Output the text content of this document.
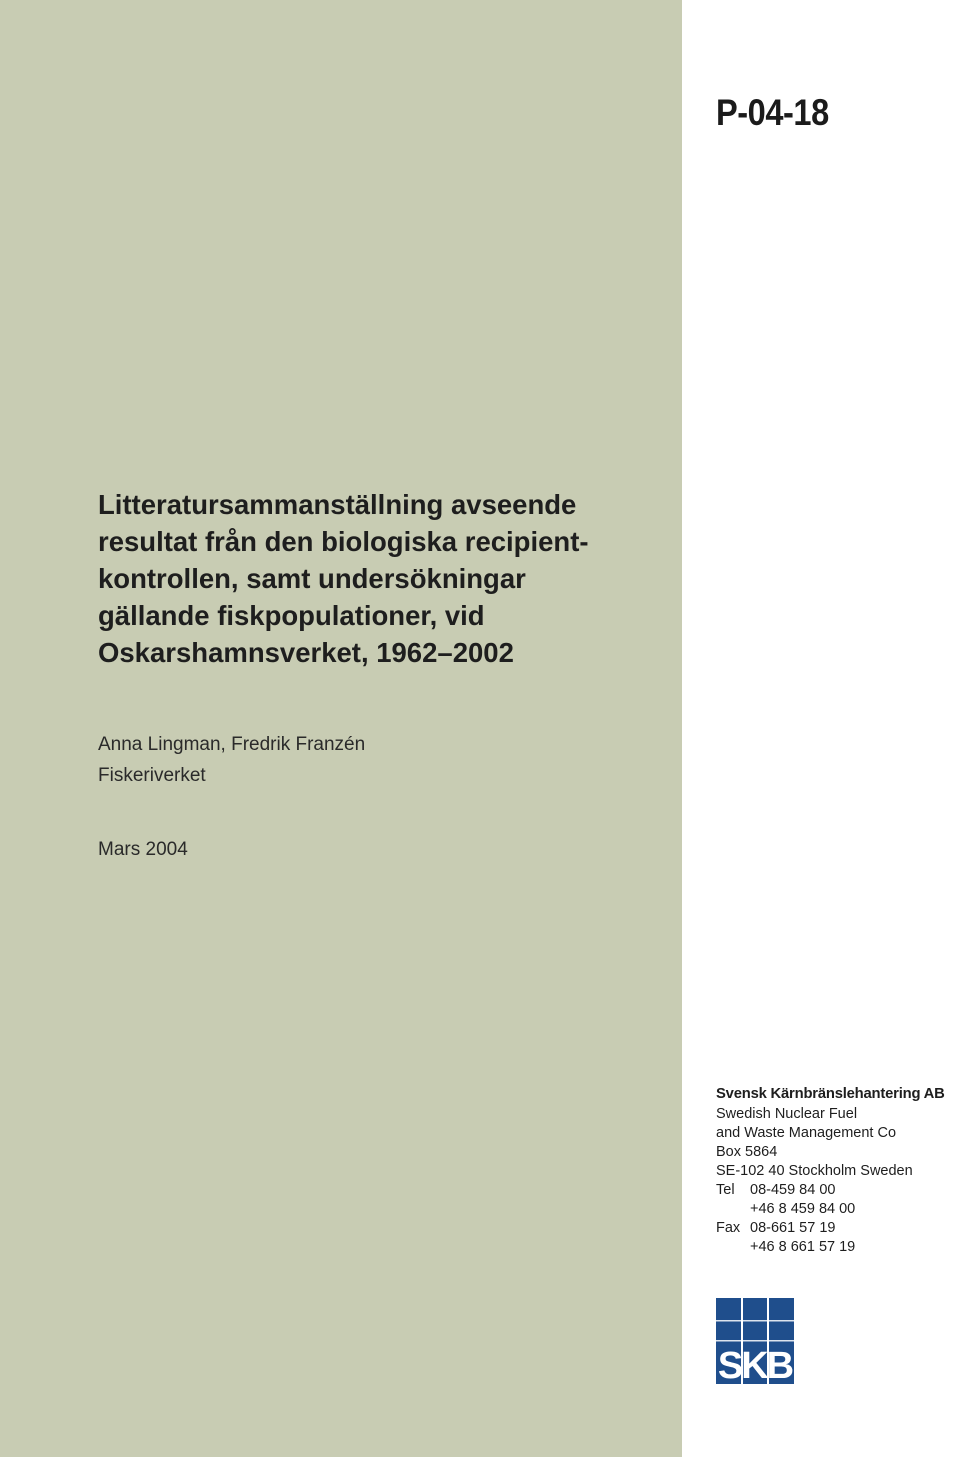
P-04-18
Litteratursammanställning avseende
resultat från den biologiska recipient-
kontrollen, samt undersökningar
gällande fiskpopulationer, vid
Oskarshamnsverket, 1962–2002
Anna Lingman, Fredrik Franzén
Fiskeriverket
Mars 2004
Svensk Kärnbränslehantering AB
Swedish Nuclear Fuel
and Waste Management Co
Box 5864
SE-102 40 Stockholm Sweden
Tel	08-459 84 00
+46 8 459 84 00
Fax 08-661 57 19
+46 8 661 57 19
SKB
